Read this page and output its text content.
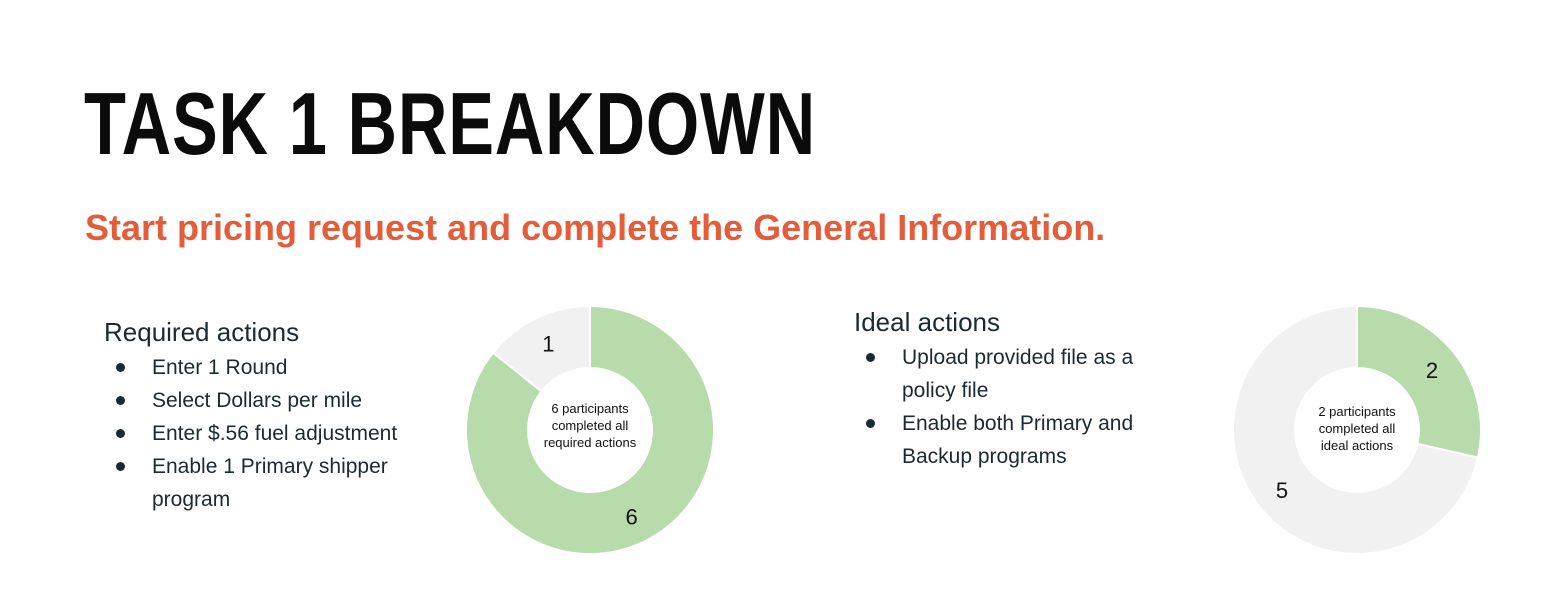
TASK 1 BREAKDOWN

Start pricing request and complete the General Information.

Required actions
Enter 1 Round
Select Dollars per mile
Enter $.56 fuel adjustment
Enable 1 Primary shipper program
6
1
6 participants
completed all
required actions
Ideal actions
Upload provided file as a policy file
Enable both Primary and Backup programs
2
5
2 participants
completed all
ideal actions
